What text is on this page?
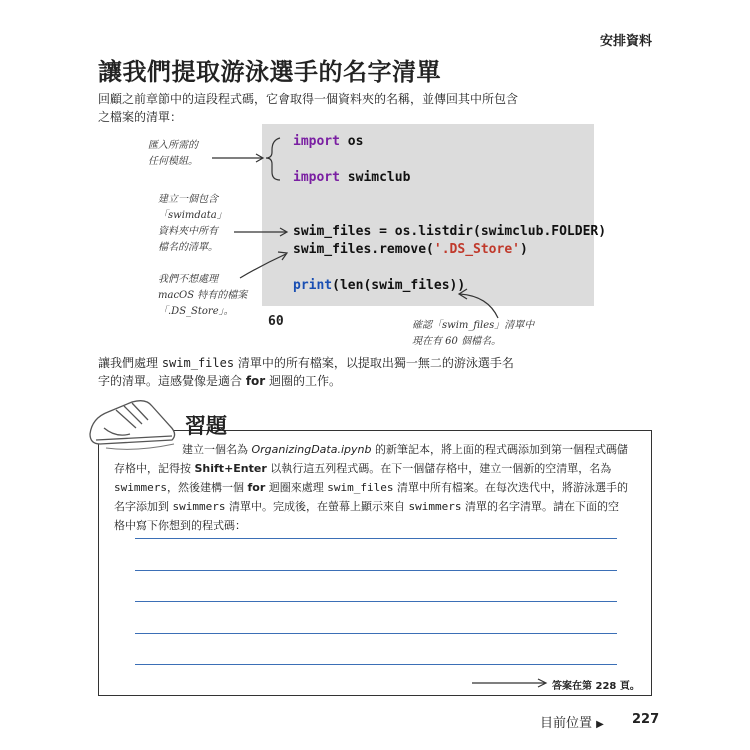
安排資料
讓我們提取游泳選手的名字清單
回顧之前章節中的這段程式碼，它會取得一個資料夾的名稱，並傳回其中所包含
之檔案的清單：
import os
import swimclub
swim_files = os.listdir(swimclub.FOLDER)
swim_files.remove('.DS_Store')
print(len(swim_files))
60
匯入所需的
任何模組。
建立一個包含
「swimdata」
資料夾中所有
檔名的清單。
我們不想處理
macOS 特有的檔案
「.DS_Store」。
確認「swim_files」清單中
現在有 60 個檔名。
讓我們處理 swim_files 清單中的所有檔案，以提取出獨一無二的游泳選手名
字的清單。這感覺像是適合 for 迴圈的工作。
習題
建立一個名為 OrganizingData.ipynb 的新筆記本，將上面的程式碼添加到第一個程式碼儲
存格中，記得按 Shift+Enter 以執行這五列程式碼。在下一個儲存格中，建立一個新的空清單，名為
swimmers，然後建構一個 for 迴圈來處理 swim_files 清單中所有檔案。在每次迭代中，將游泳選手的
名字添加到 swimmers 清單中。完成後，在螢幕上顯示來自 swimmers 清單的名字清單。請在下面的空
格中寫下你想到的程式碼：
答案在第 228 頁。
目前位置 ▶ 227
